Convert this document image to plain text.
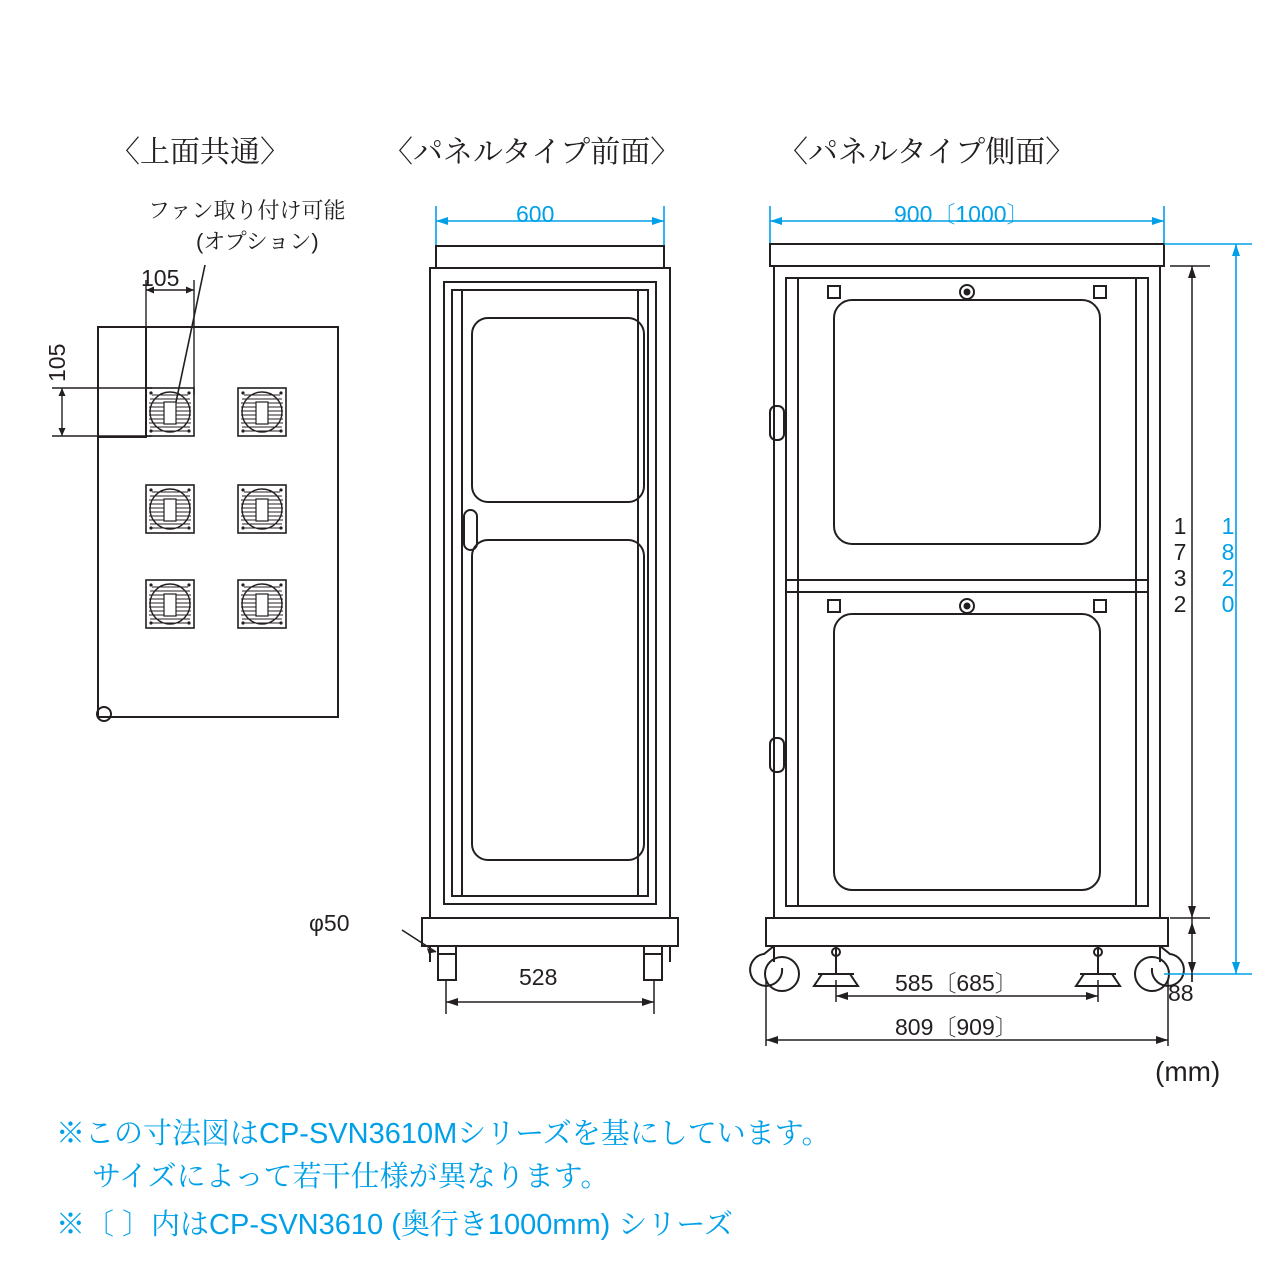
〈上面共通〉	〈パネルタイプ前面〉	〈パネルタイプ側面〉
ファン取り付け可能
(オプション)
105

105

600
φ50
528
900〔1000〕
1732 1820
88
585〔685〕
809〔909〕
(mm)
※この寸法図はCP-SVN3610Mシリーズを基にしています。
サイズによって若干仕様が異なります。
※〔 〕内はCP-SVN3610 (奥行き1000mm) シリーズ
